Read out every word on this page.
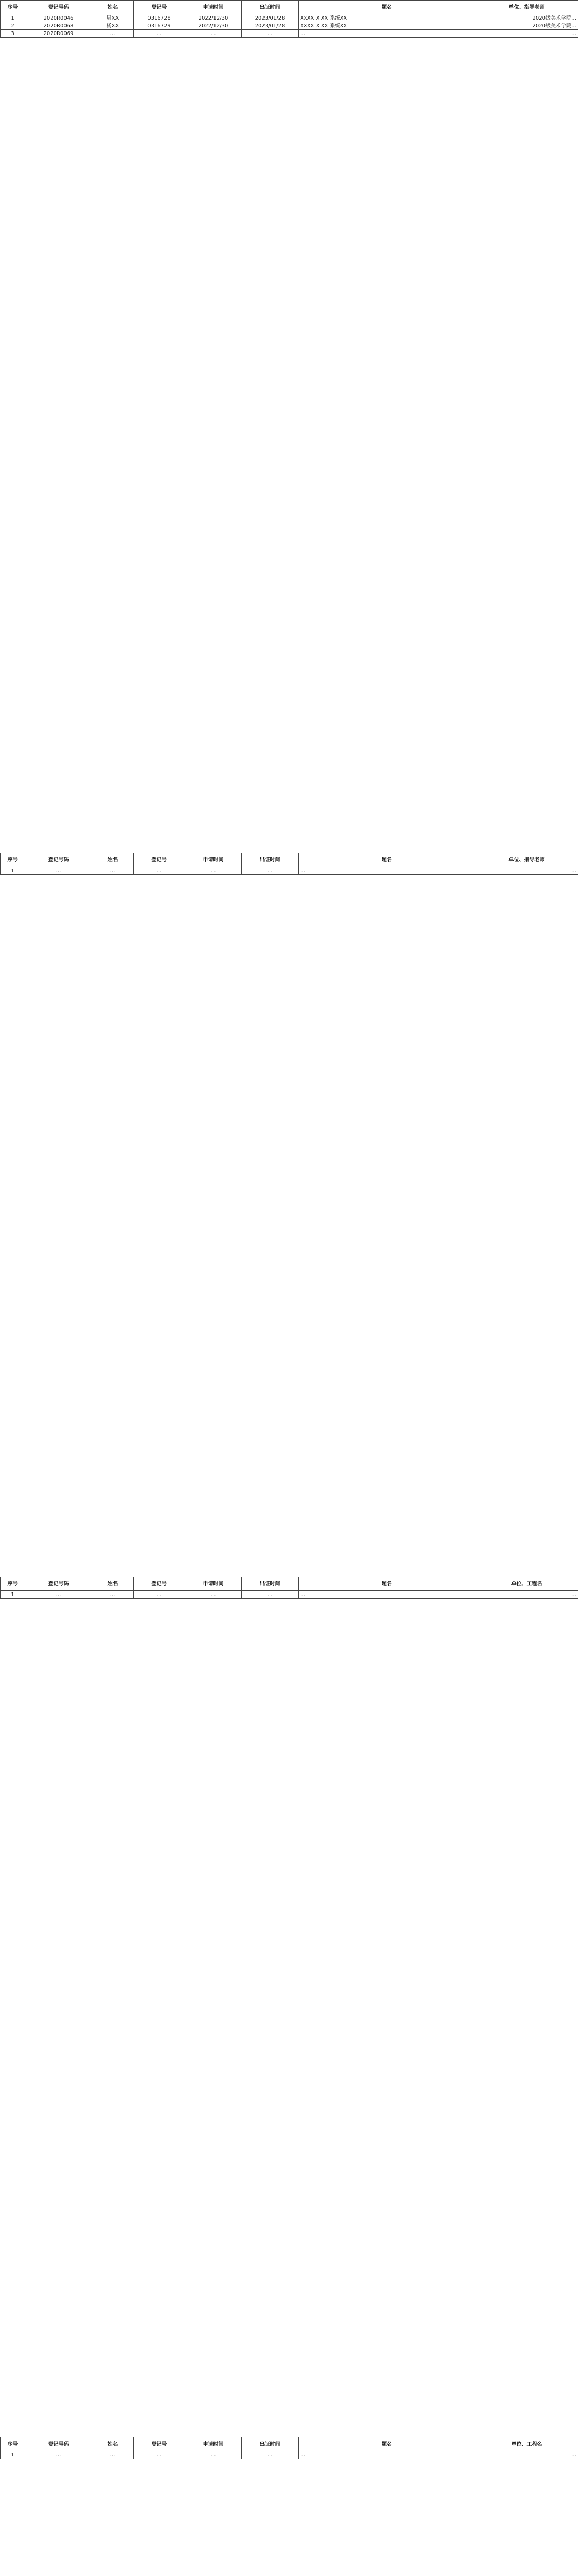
序号	登记号码	姓名	登记号	申请时间	出证时间	题名	单位、指导老师
1	2020R0046	周XX	0316728	2022/12/30	2023/01/28	XXXX X XX 系统XX	2020级美术学院…
2	2020R0068	杨XX	0316729	2022/12/30	2023/01/28	XXXX X XX 系统XX	2020级美术学院…
3	2020R0069	…	…	…	…	…	…
序号	登记号码	姓名	登记号	申请时间	出证时间	题名	单位、指导老师
1	…	…	…	…	…	…	…
序号	登记号码	姓名	登记号	申请时间	出证时间	题名	单位、工程名
1	…	…	…	…	…	…	…
序号	登记号码	姓名	登记号	申请时间	出证时间	题名	单位、工程名
1	…	…	…	…	…	…	…
